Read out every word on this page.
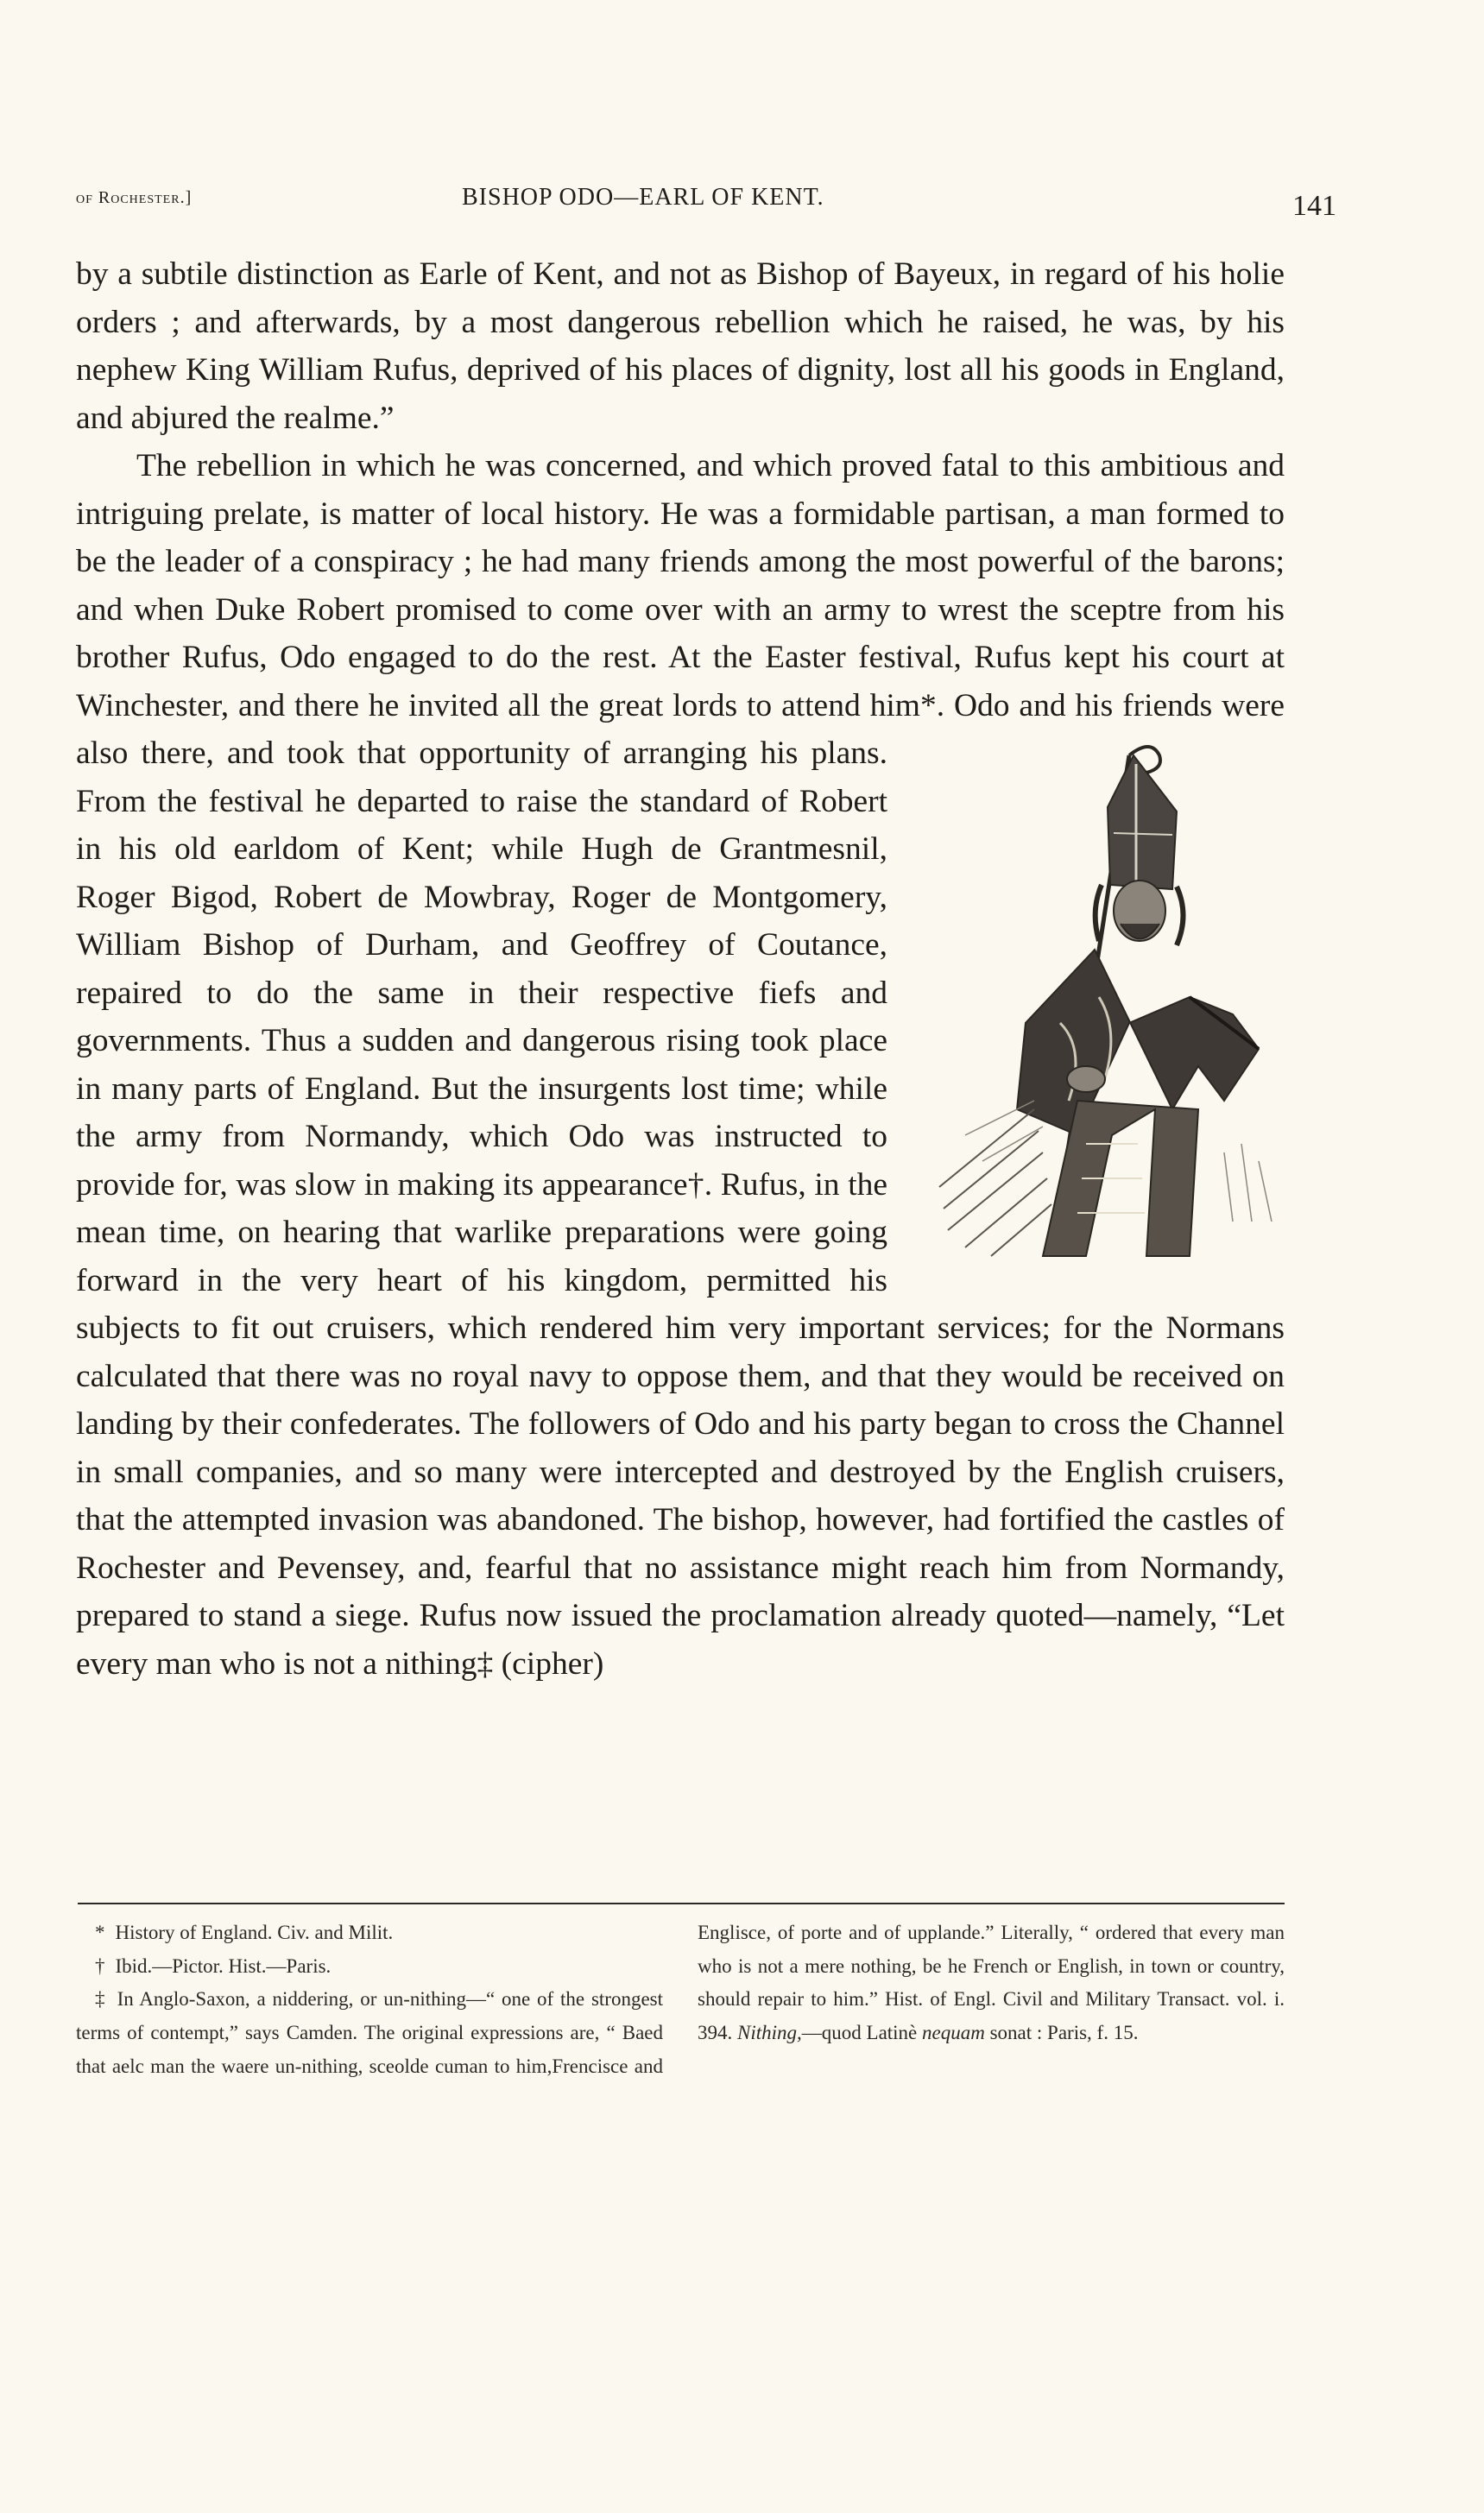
of Rochester.]	BISHOP ODO—EARL OF KENT.	141

by a subtile distinction as Earle of Kent, and not as Bishop of Bayeux, in regard of his holie orders ; and afterwards, by a most dangerous rebellion which he raised, he was, by his nephew King William Rufus, deprived of his places of dignity, lost all his goods in England, and abjured the realme.”

The rebellion in which he was concerned, and which proved fatal to this ambitious and intriguing prelate, is matter of local history. He was a formidable partisan, a man formed to be the leader of a conspiracy ; he had many friends among the most powerful of the barons; and when Duke Robert promised to come over with an army to wrest the sceptre from his brother Rufus, Odo engaged to do the rest. At the Easter festival, Rufus kept his court at Winchester, and there he invited all the great lords to attend him
*. Odo and his friends were also there, and took that opportunity of arranging his plans. From the festival he departed to raise the standard of Robert in his old earldom of Kent; while Hugh de Grantmesnil, Roger Bigod, Robert de Mowbray, Roger de Montgomery, William Bishop of Durham, and Geoffrey of Coutance, repaired to do the same in their respective fiefs and governments. Thus a sudden and dangerous rising took place in many parts of England. But the insurgents lost time; while the army from Normandy, which Odo was instructed to provide for, was slow in making its appearance†. Rufus, in the mean time, on hearing that warlike preparations were going forward in the very heart of his kingdom, permitted his subjects to fit out cruisers, which rendered him very important services; for the Normans calculated that there was no royal navy to oppose them, and that they would be received on landing by their confederates. The followers of Odo and his party began to cross the Channel in small companies, and so many were intercepted and destroyed by the English cruisers, that the attempted invasion was abandoned. The bishop, however, had fortified the castles of Rochester and Pevensey, and, fearful that no assistance might reach him from Normandy, prepared to stand a siege. Rufus now issued the proclamation already quoted—namely, “Let every man who is not a nithing‡ (cipher)

* History of England. Civ. and Milit.

† Ibid.—Pictor. Hist.—Paris.

‡ In Anglo-Saxon, a niddering, or un-nithing—“ one of the strongest terms of contempt,” says Camden. The original expressions are, “ Baed that aelc man the waere un-nithing, sceolde cuman to him,Frencisce and Englisce, of porte and of upplande.” Literally, “ ordered that every man who is not a mere nothing, be he French or English, in town or country, should repair to him.” Hist. of Engl. Civil and Military Transact. vol. i. 394. Nithing,—quod Latinè nequam sonat : Paris, f. 15.
